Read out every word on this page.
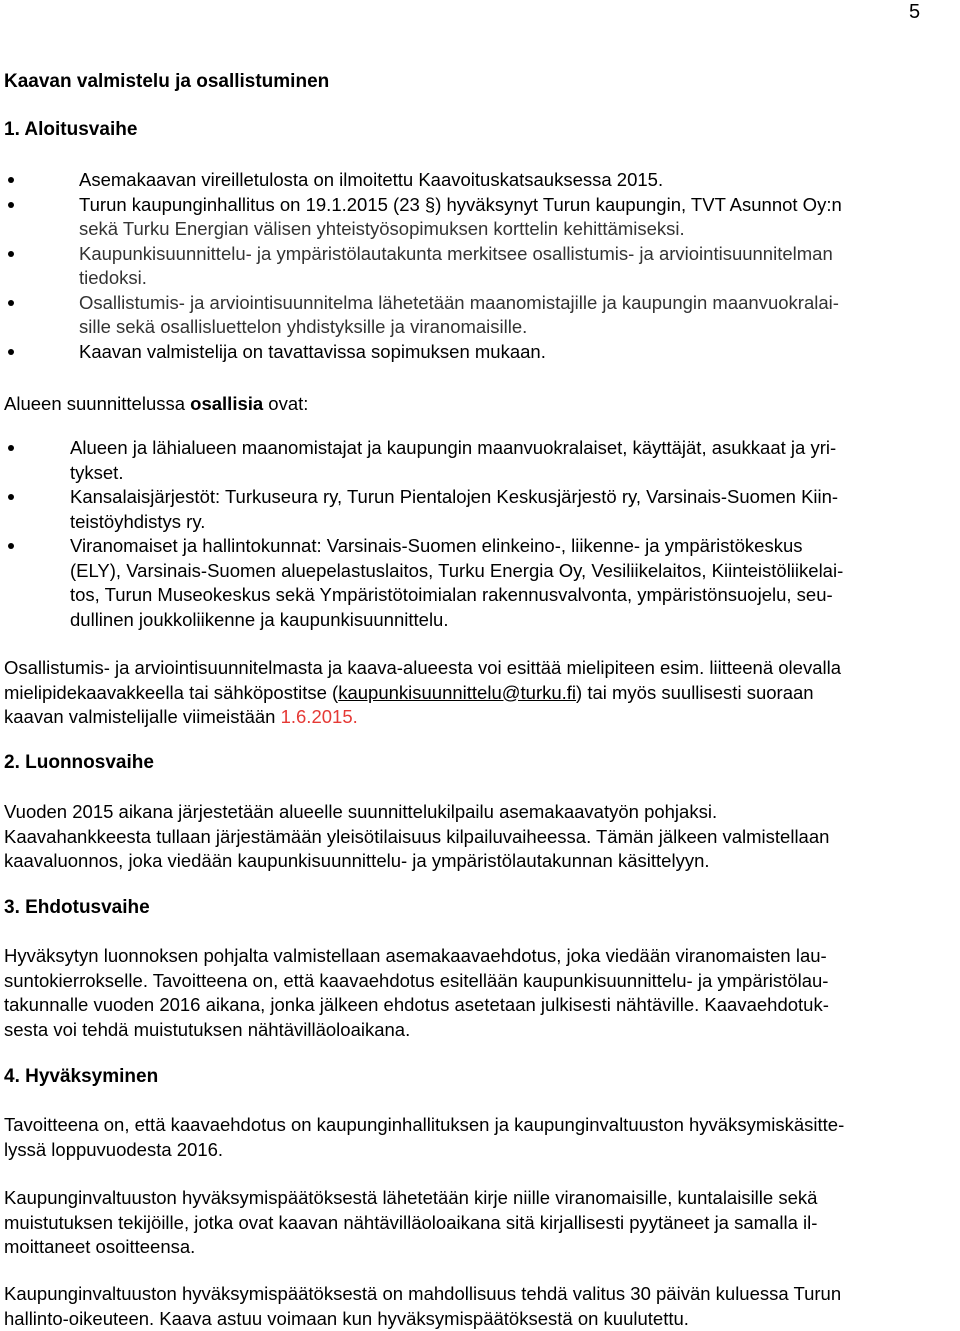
5
Kaavan valmistelu ja osallistuminen
1. Aloitusvaihe
Asemakaavan vireilletulosta on ilmoitettu Kaavoituskatsauksessa 2015.
Turun kaupunginhallitus on 19.1.2015 (23 §) hyväksynyt Turun kaupungin, TVT Asunnot Oy:n
sekä Turku Energian välisen yhteistyösopimuksen korttelin kehittämiseksi.
Kaupunkisuunnittelu- ja ympäristölautakunta merkitsee osallistumis- ja arviointisuunnitelman
tiedoksi.
Osallistumis- ja arviointisuunnitelma lähetetään maanomistajille ja kaupungin maanvuokralai-
sille sekä osallisluettelon yhdistyksille ja viranomaisille.
Kaavan valmistelija on tavattavissa sopimuksen mukaan.
Alueen suunnittelussa osallisia ovat:
Alueen ja lähialueen maanomistajat ja kaupungin maanvuokralaiset, käyttäjät, asukkaat ja yri-
tykset.
Kansalaisjärjestöt: Turkuseura ry, Turun Pientalojen Keskusjärjestö ry, Varsinais-Suomen Kiin-
teistöyhdistys ry.
Viranomaiset ja hallintokunnat: Varsinais-Suomen elinkeino-, liikenne- ja ympäristökeskus
(ELY), Varsinais-Suomen aluepelastuslaitos, Turku Energia Oy, Vesiliikelaitos, Kiinteistöliikelai-
tos, Turun Museokeskus sekä Ympäristötoimialan rakennusvalvonta, ympäristönsuojelu, seu-
dullinen joukkoliikenne ja kaupunkisuunnittelu.
Osallistumis- ja arviointisuunnitelmasta ja kaava-alueesta voi esittää mielipiteen esim. liitteenä olevalla
mielipidekaavakkeella tai sähköpostitse (kaupunkisuunnittelu@turku.fi) tai myös suullisesti suoraan
kaavan valmistelijalle viimeistään 1.6.2015.
2. Luonnosvaihe
Vuoden 2015 aikana järjestetään alueelle suunnittelukilpailu asemakaavatyön pohjaksi.
Kaavahankkeesta tullaan järjestämään yleisötilaisuus kilpailuvaiheessa. Tämän jälkeen valmistellaan
kaavaluonnos, joka viedään kaupunkisuunnittelu- ja ympäristölautakunnan käsittelyyn.
3. Ehdotusvaihe
Hyväksytyn luonnoksen pohjalta valmistellaan asemakaavaehdotus, joka viedään viranomaisten lau-
suntokierrokselle. Tavoitteena on, että kaavaehdotus esitellään kaupunkisuunnittelu- ja ympäristölau-
takunnalle vuoden 2016 aikana, jonka jälkeen ehdotus asetetaan julkisesti nähtäville. Kaavaehdotuk-
sesta voi tehdä muistutuksen nähtävilläoloaikana.
4. Hyväksyminen
Tavoitteena on, että kaavaehdotus on kaupunginhallituksen ja kaupunginvaltuuston hyväksymiskäsitte-
lyssä loppuvuodesta 2016.
Kaupunginvaltuuston hyväksymispäätöksestä lähetetään kirje niille viranomaisille, kuntalaisille sekä
muistutuksen tekijöille, jotka ovat kaavan nähtävilläoloaikana sitä kirjallisesti pyytäneet ja samalla il-
moittaneet osoitteensa.
Kaupunginvaltuuston hyväksymispäätöksestä on mahdollisuus tehdä valitus 30 päivän kuluessa Turun
hallinto-oikeuteen. Kaava astuu voimaan kun hyväksymispäätöksestä on kuulutettu.
